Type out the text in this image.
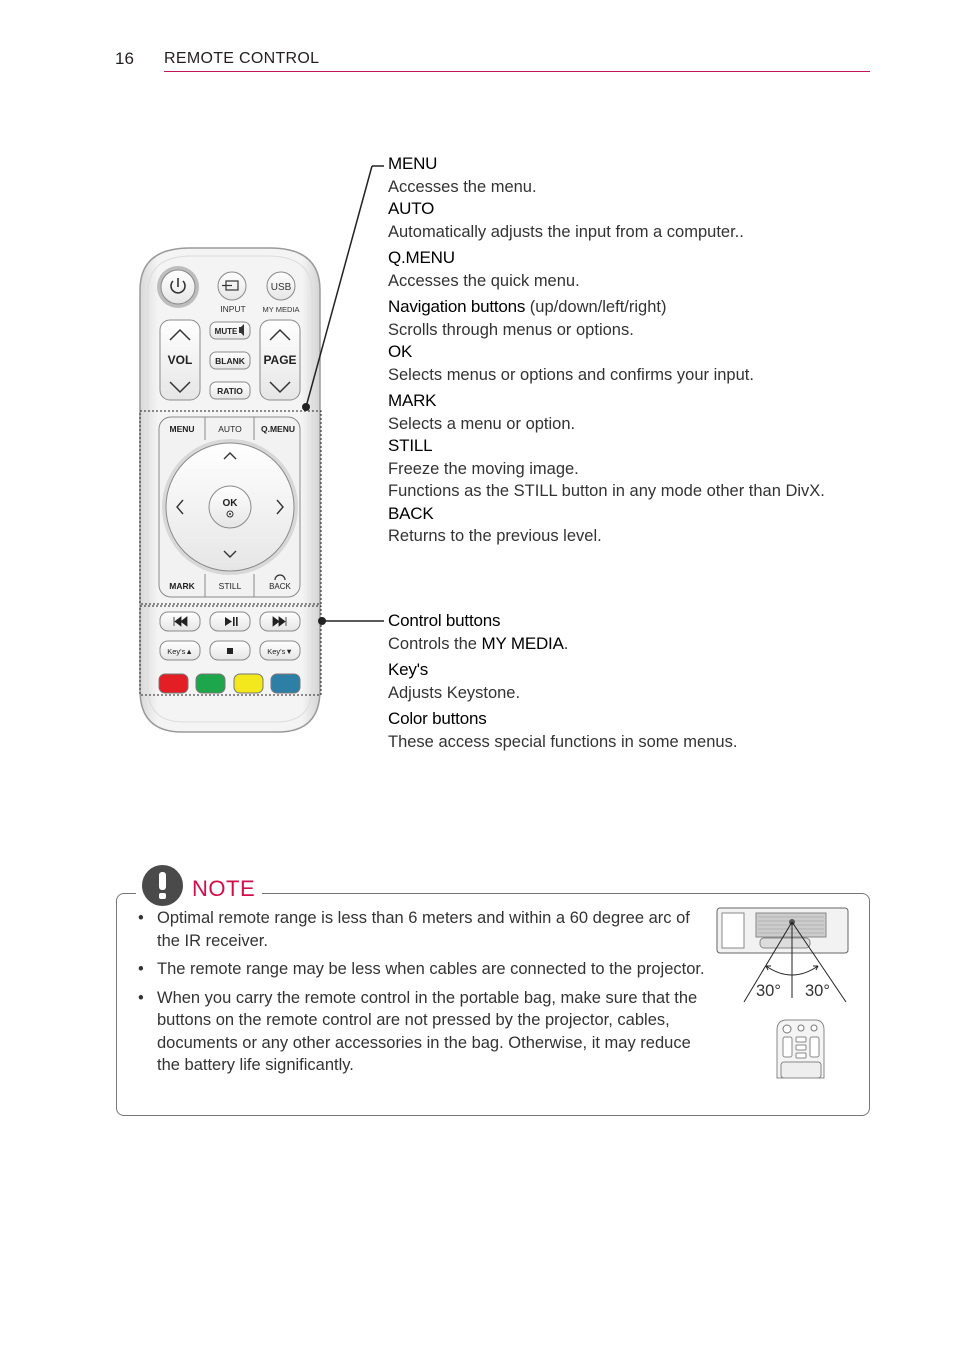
16 REMOTE CONTROL
INPUT
USB
MY MEDIA
VOL	PAGE
MUTE
BLANK
RATIO
MENU	AUTO Q.MENU
MARK	STILL	BACK
OK
Key's▲	Key's▼
MENU
Accesses the menu.
AUTO
Automatically adjusts the input from a computer..
Q.MENU
Accesses the quick menu.
Navigation buttons (up/down/left/right)
Scrolls through menus or options.
OK
Selects menus or options and confirms your input.
MARK
Selects a menu or option.
STILL
Freeze the moving image.
Functions as the STILL button in any mode other than DivX.
BACK
Returns to the previous level.
Control buttons
Controls the MY MEDIA.
Key's
Adjusts Keystone.
Color buttons
These access special functions in some menus.
NOTE
• Optimal remote range is less than 6 meters and within a 60 degree arc of the IR receiver.
• The remote range may be less when cables are connected to the projector.
• When you carry the remote control in the portable bag, make sure that the buttons on the remote control are not pressed by the projector, cables, documents or any other accessories in the bag. Otherwise, it may reduce the battery life significantly.
30° 30°
